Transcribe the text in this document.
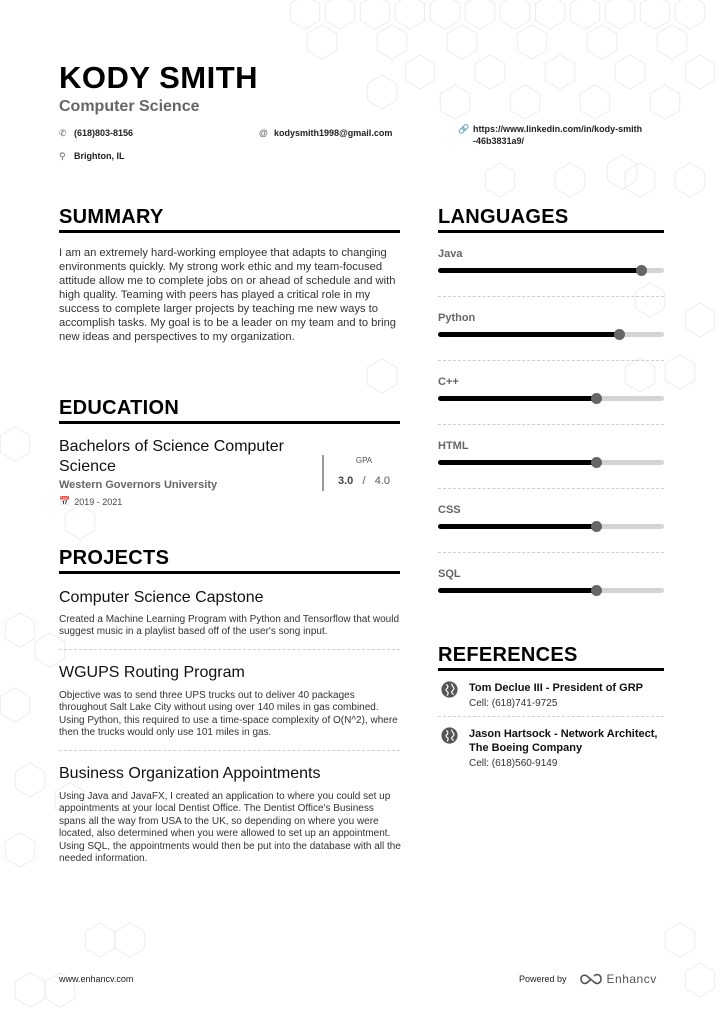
KODY SMITH
Computer Science
✆ (618)803-8156	@ kodysmith1998@gmail.com	🔗 https://www.linkedin.com/in/kody-smith-46b3831a9/
⚲ Brighton, IL
SUMMARY
I am an extremely hard-working employee that adapts to changing environments quickly. My strong work ethic and my team-focused attitude allow me to complete jobs on or ahead of schedule and with high quality. Teaming with peers has played a critical role in my success to complete larger projects by teaching me new ways to accomplish tasks. My goal is to be a leader on my team and to bring new ideas and perspectives to my organization.
EDUCATION
Bachelors of Science Computer Science
Western Governors University
📅 2019 - 2021
GPA
3.0 / 4.0
PROJECTS
Computer Science Capstone
Created a Machine Learning Program with Python and Tensorflow that would suggest music in a playlist based off of the user's song input.
WGUPS Routing Program
Objective was to send three UPS trucks out to deliver 40 packages throughout Salt Lake City without using over 140 miles in gas combined. Using Python, this required to use a time-space complexity of O(N^2), where then the trucks would only use 101 miles in gas.
Business Organization Appointments
Using Java and JavaFX, I created an application to where you could set up appointments at your local Dentist Office. The Dentist Office's Business spans all the way from USA to the UK, so depending on where you were located, also determined when you were allowed to set up an appointment. Using SQL, the appointments would then be put into the database with all the needed information.
LANGUAGES
Java
Python
C++
HTML
CSS
SQL
REFERENCES
Tom Declue III - President of GRP
Cell: (618)741-9725
Jason Hartsock - Network Architect, The Boeing Company
Cell: (618)560-9149
www.enhancv.com	Powered by	Enhancv
